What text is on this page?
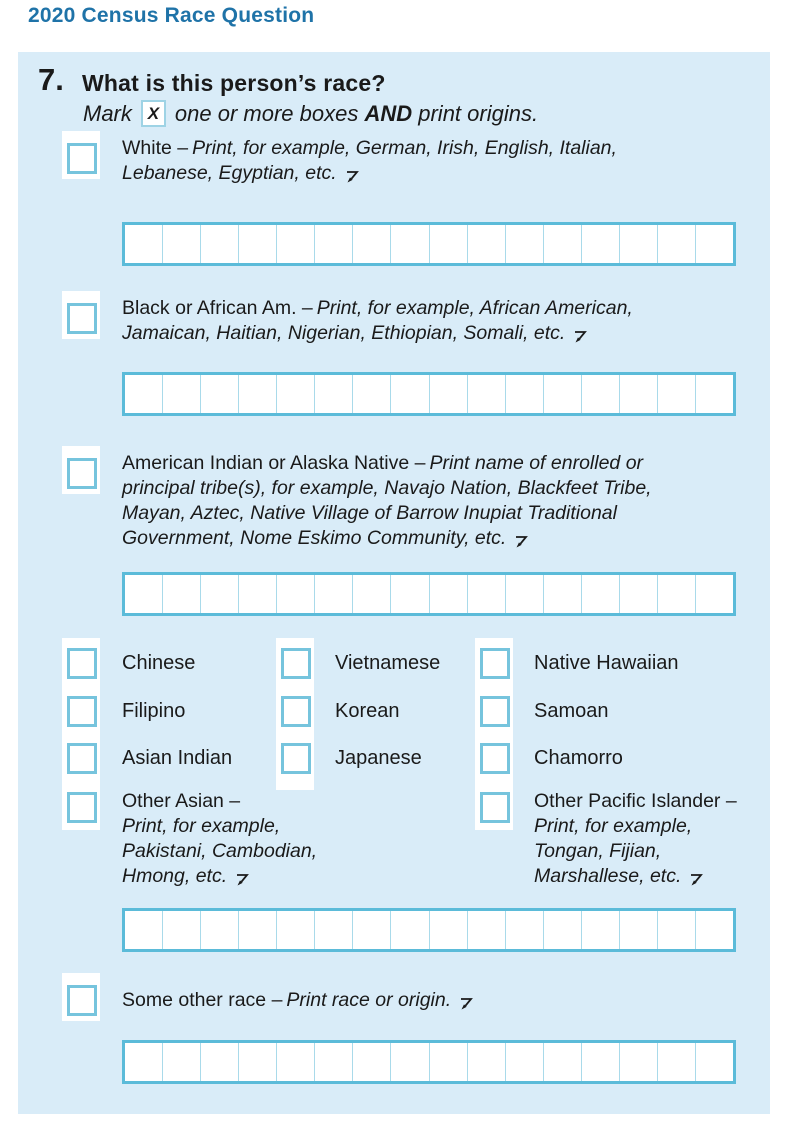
2020 Census Race Question
7. What is this person’s race?
Mark X one or more boxes AND print origins.
White – Print, for example, German, Irish, English, Italian,
Lebanese, Egyptian, etc.
Black or African Am. – Print, for example, African American,
Jamaican, Haitian, Nigerian, Ethiopian, Somali, etc.
American Indian or Alaska Native – Print name of enrolled or
principal tribe(s), for example, Navajo Nation, Blackfeet Tribe,
Mayan, Aztec, Native Village of Barrow Inupiat Traditional
Government, Nome Eskimo Community, etc.
Chinese
Filipino
Asian Indian
Vietnamese
Korean
Japanese
Native Hawaiian
Samoan
Chamorro
Other Asian –
Print, for example,
Pakistani, Cambodian,
Hmong, etc.
Other Pacific Islander –
Print, for example,
Tongan, Fijian,
Marshallese, etc.
Some other race – Print race or origin.
